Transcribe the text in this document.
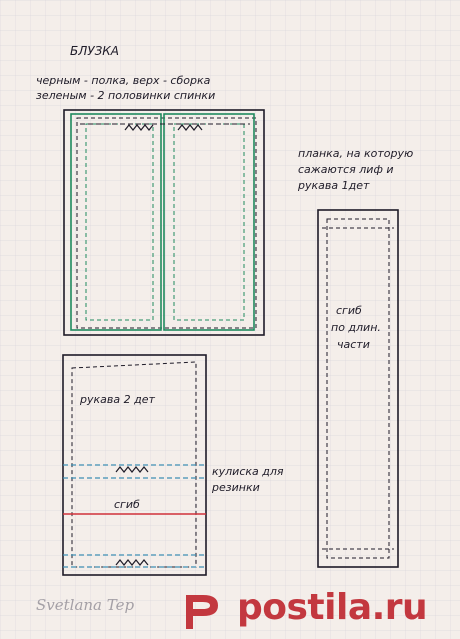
БЛУЗКА
черным - полка, верх - сборка
зеленым - 2 половинки спинки
планка, на которую
сажаются лиф и
рукава 1дет
сгиб
по длин.
части
рукава 2 дет
кулиска для
резинки
сгиб
Svetlana Tep	postila.ru
